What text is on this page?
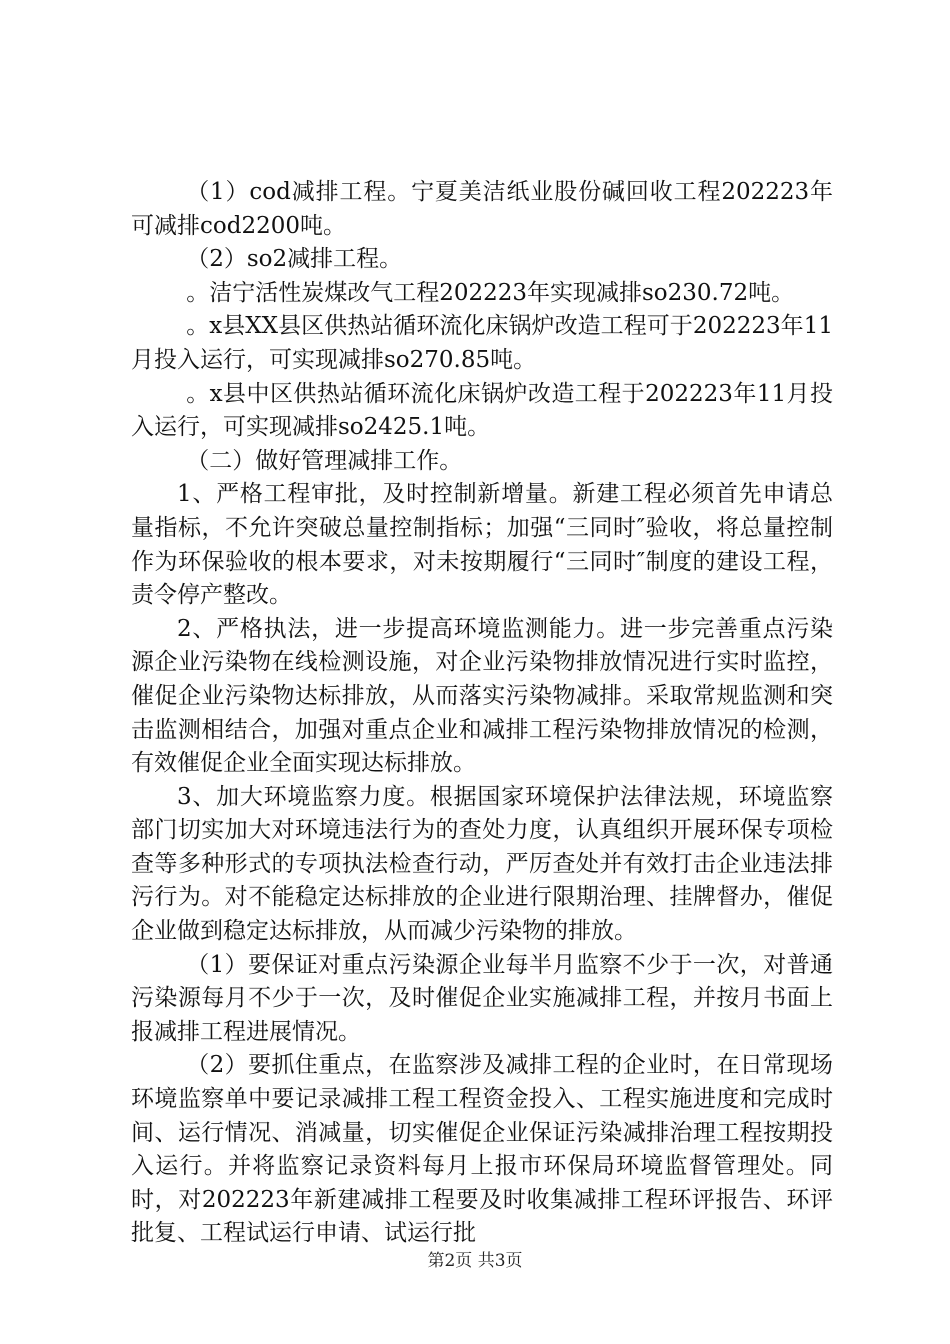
（1）cod减排工程。宁夏美洁纸业股份碱回收工程202223年可减排cod2200吨。

（2）so2减排工程。

。洁宁活性炭煤改气工程202223年实现减排so230.72吨。

。x县XX县区供热站循环流化床锅炉改造工程可于202223年11月投入运行，可实现减排so270.85吨。

。x县中区供热站循环流化床锅炉改造工程于202223年11月投入运行，可实现减排so2425.1吨。

（二）做好管理减排工作。

1、严格工程审批，及时控制新增量。新建工程必须首先申请总量指标，不允许突破总量控制指标；加强“三同时″验收，将总量控制作为环保验收的根本要求，对未按期履行“三同时″制度的建设工程，责令停产整改。

2、严格执法，进一步提高环境监测能力。进一步完善重点污染源企业污染物在线检测设施，对企业污染物排放情况进行实时监控，催促企业污染物达标排放，从而落实污染物减排。采取常规监测和突击监测相结合，加强对重点企业和减排工程污染物排放情况的检测，有效催促企业全面实现达标排放。

3、加大环境监察力度。根据国家环境保护法律法规，环境监察部门切实加大对环境违法行为的查处力度，认真组织开展环保专项检查等多种形式的专项执法检查行动，严厉查处并有效打击企业违法排污行为。对不能稳定达标排放的企业进行限期治理、挂牌督办，催促企业做到稳定达标排放，从而减少污染物的排放。

（1）要保证对重点污染源企业每半月监察不少于一次，对普通污染源每月不少于一次，及时催促企业实施减排工程，并按月书面上报减排工程进展情况。

（2）要抓住重点，在监察涉及减排工程的企业时，在日常现场环境监察单中要记录减排工程工程资金投入、工程实施进度和完成时间、运行情况、消减量，切实催促企业保证污染减排治理工程按期投入运行。并将监察记录资料每月上报市环保局环境监督管理处。同时，对202223年新建减排工程要及时收集减排工程环评报告、环评批复、工程试运行申请、试运行批

第2页 共3页
